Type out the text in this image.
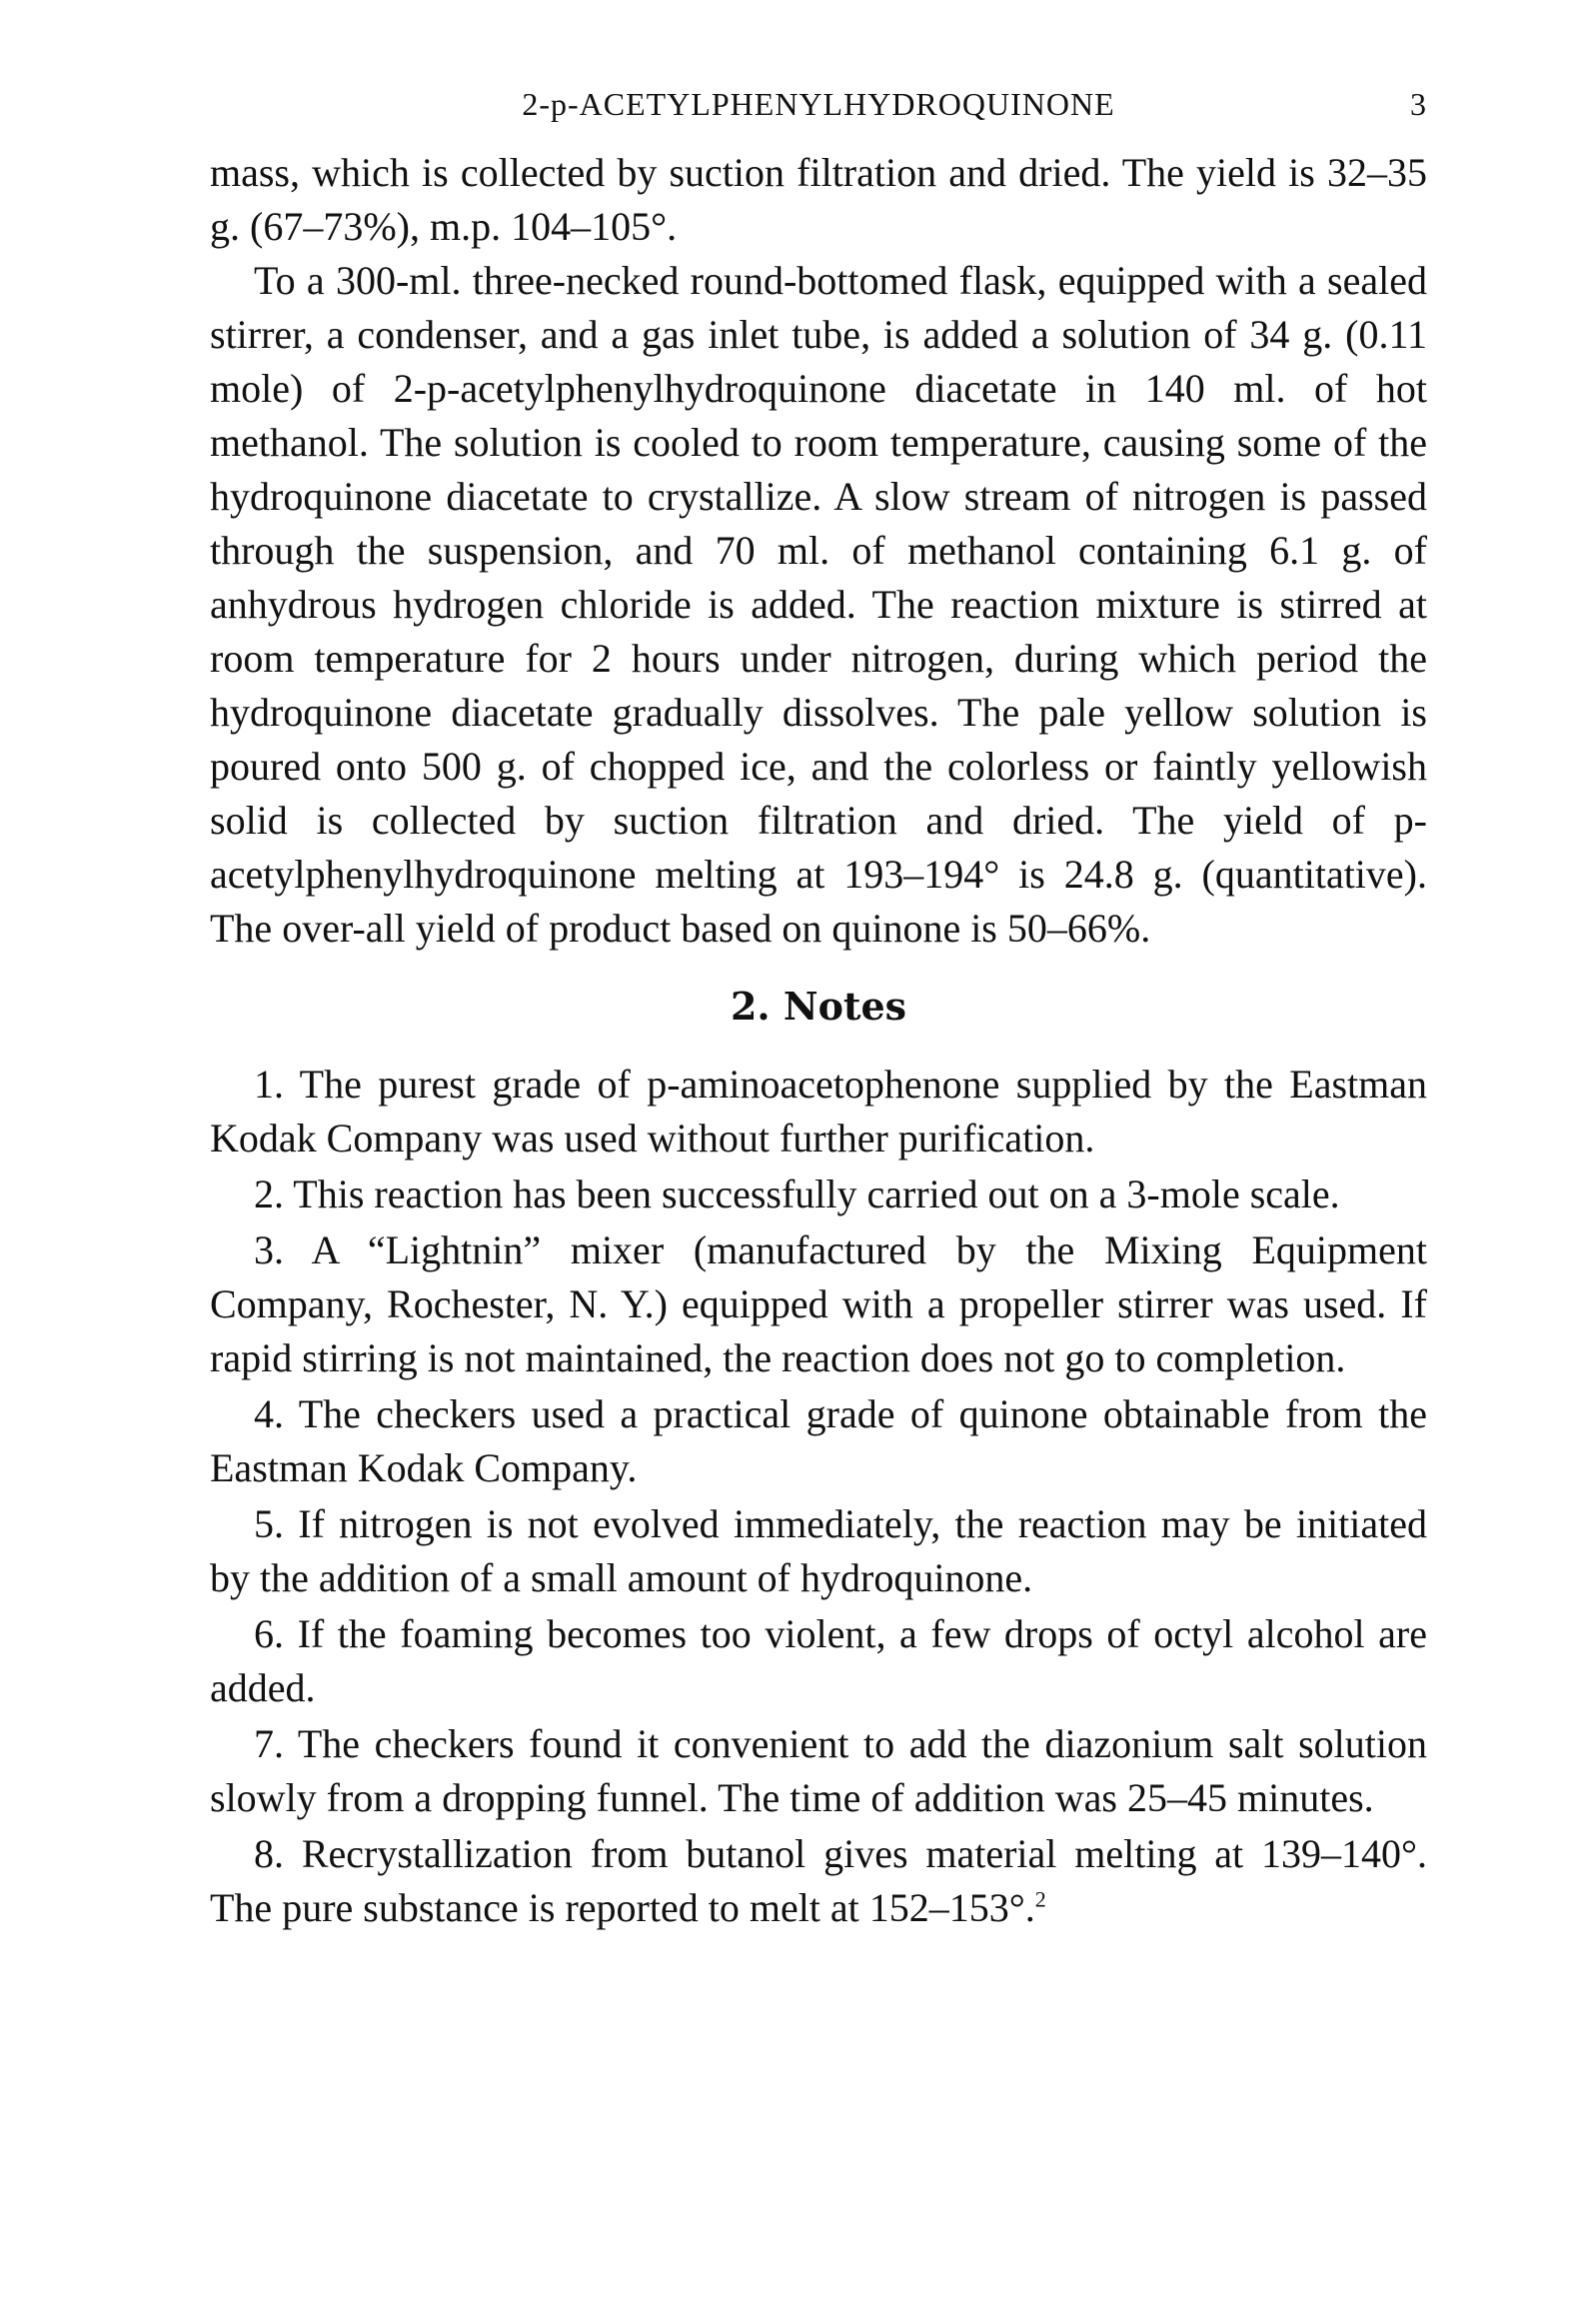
2-p-ACETYLPHENYLHYDROQUINONE	3

mass, which is collected by suction filtration and dried. The yield is 32–35 g. (67–73%), m.p. 104–105°.

To a 300-ml. three-necked round-bottomed flask, equipped with a sealed stirrer, a condenser, and a gas inlet tube, is added a solution of 34 g. (0.11 mole) of 2-p-acetylphenylhydroquinone diacetate in 140 ml. of hot methanol. The solution is cooled to room temperature, causing some of the hydroquinone diacetate to crystallize. A slow stream of nitrogen is passed through the suspension, and 70 ml. of methanol containing 6.1 g. of anhydrous hydrogen chloride is added. The reaction mixture is stirred at room temperature for 2 hours under nitrogen, during which period the hydroquinone diacetate gradually dissolves. The pale yellow solution is poured onto 500 g. of chopped ice, and the colorless or faintly yellowish solid is collected by suction filtration and dried. The yield of p-acetylphenylhydroquinone melting at 193–194° is 24.8 g. (quantitative). The over-all yield of product based on quinone is 50–66%.

2. Notes

1. The purest grade of p-aminoacetophenone supplied by the Eastman Kodak Company was used without further purification.

2. This reaction has been successfully carried out on a 3-mole scale.

3. A “Lightnin” mixer (manufactured by the Mixing Equipment Company, Rochester, N. Y.) equipped with a propeller stirrer was used. If rapid stirring is not maintained, the reaction does not go to completion.

4. The checkers used a practical grade of quinone obtainable from the Eastman Kodak Company.

5. If nitrogen is not evolved immediately, the reaction may be initiated by the addition of a small amount of hydroquinone.

6. If the foaming becomes too violent, a few drops of octyl alcohol are added.

7. The checkers found it convenient to add the diazonium salt solution slowly from a dropping funnel. The time of addition was 25–45 minutes.

8. Recrystallization from butanol gives material melting at 139–140°. The pure substance is reported to melt at 152–153°.$^2$
